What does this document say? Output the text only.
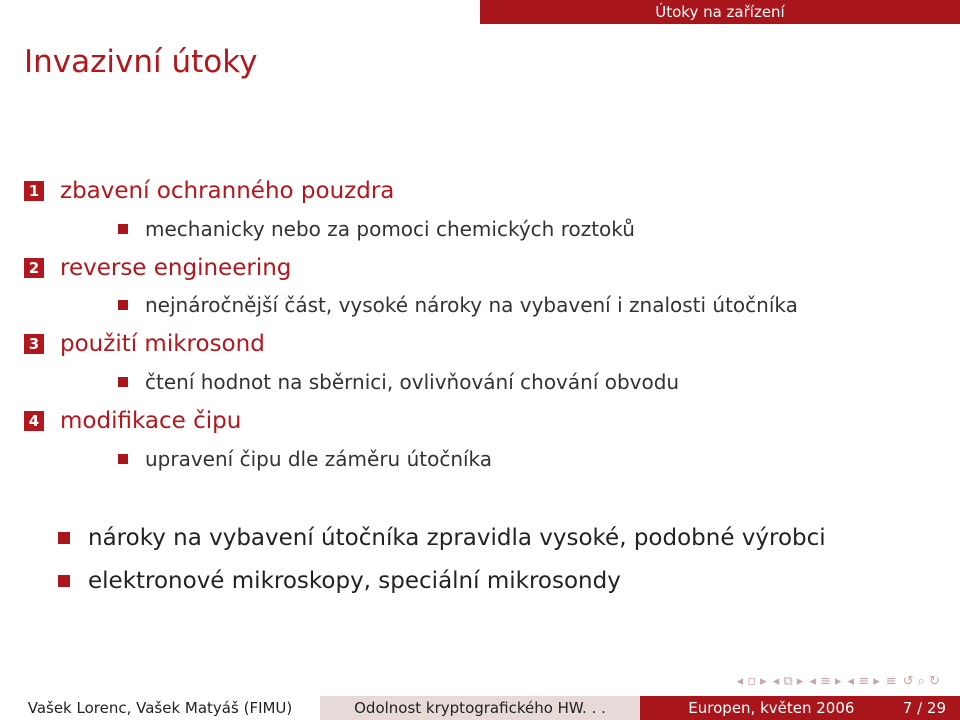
Útoky na zařízení
Invazivní útoky
1 zbavení ochranného pouzdra
mechanicky nebo za pomoci chemických roztoků
2 reverse engineering
nejnáročnější část, vysoké nároky na vybavení i znalosti útočníka
3 použití mikrosond
čtení hodnot na sběrnici, ovlivňování chování obvodu
4 modifikace čipu
upravení čipu dle záměru útočníka
nároky na vybavení útočníka zpravidla vysoké, podobné výrobci
elektronové mikroskopy, speciální mikrosondy
◂ ▫ ▸ ◂ ⧉ ▸ ◂ ≡ ▸ ◂ ≡ ▸ ≡ ↺ ⌕ ↻
Vašek Lorenc, Vašek Matyáš (FIMU)	Odolnost kryptografického HW. . .	Europen, květen 2006	7 / 29
